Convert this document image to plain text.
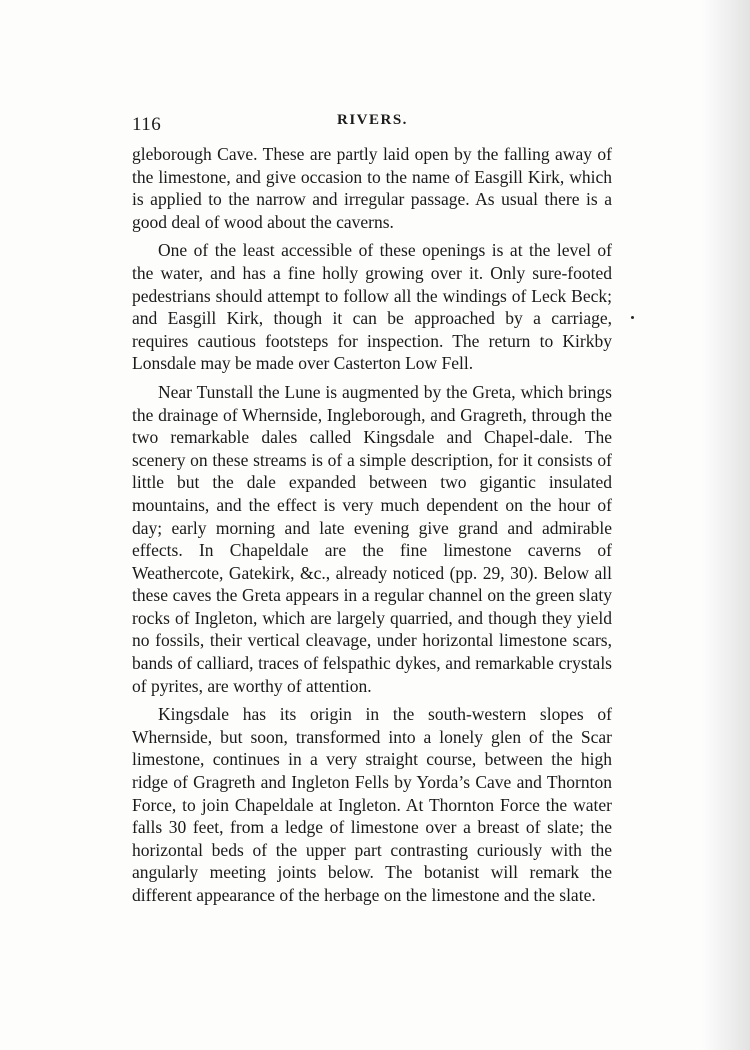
116	RIVERS.

gleborough Cave. These are partly laid open by the falling away of the limestone, and give occasion to the name of Easgill Kirk, which is applied to the narrow and irregular passage. As usual there is a good deal of wood about the caverns.

One of the least accessible of these openings is at the level of the water, and has a fine holly growing over it. Only sure-footed pedestrians should attempt to follow all the windings of Leck Beck; and Easgill Kirk, though it can be approached by a carriage, requires cautious footsteps for inspection. The return to Kirkby Lonsdale may be made over Casterton Low Fell.

Near Tunstall the Lune is augmented by the Greta, which brings the drainage of Whernside, Ingleborough, and Gragreth, through the two remarkable dales called Kingsdale and Chapel-dale. The scenery on these streams is of a simple description, for it consists of little but the dale expanded between two gigantic insulated mountains, and the effect is very much dependent on the hour of day; early morning and late evening give grand and admirable effects. In Chapeldale are the fine limestone caverns of Weathercote, Gatekirk, &c., already noticed (pp. 29, 30). Below all these caves the Greta appears in a regular channel on the green slaty rocks of Ingleton, which are largely quarried, and though they yield no fossils, their vertical cleavage, under horizontal limestone scars, bands of calliard, traces of felspathic dykes, and remarkable crystals of pyrites, are worthy of attention.

Kingsdale has its origin in the south-western slopes of Whernside, but soon, transformed into a lonely glen of the Scar limestone, continues in a very straight course, between the high ridge of Gragreth and Ingleton Fells by Yorda’s Cave and Thornton Force, to join Chapeldale at Ingleton. At Thornton Force the water falls 30 feet, from a ledge of limestone over a breast of slate; the horizontal beds of the upper part contrasting curiously with the angularly meeting joints below. The botanist will remark the different appearance of the herbage on the limestone and the slate.
